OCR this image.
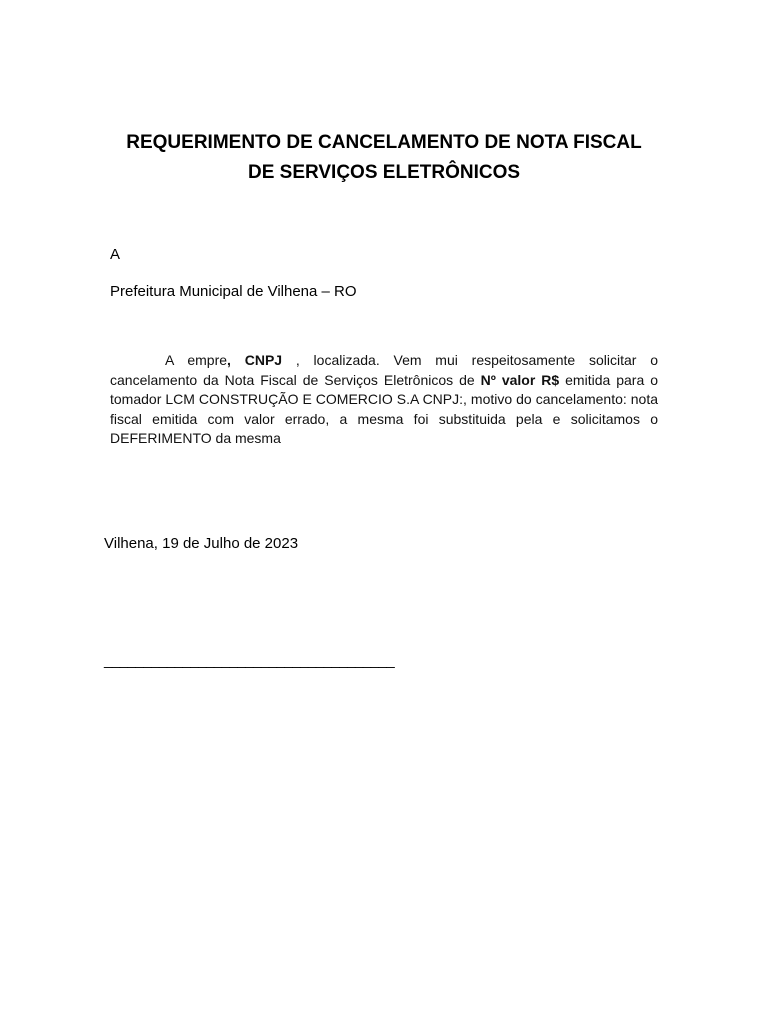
REQUERIMENTO DE CANCELAMENTO DE NOTA FISCAL
DE SERVIÇOS ELETRÔNICOS
A
Prefeitura Municipal de Vilhena – RO
A empre, CNPJ , localizada. Vem mui respeitosamente solicitar o cancelamento da Nota Fiscal de Serviços Eletrônicos de Nº valor R$ emitida para o tomador LCM CONSTRUÇÃO E COMERCIO S.A CNPJ:, motivo do cancelamento: nota fiscal emitida com valor errado, a mesma foi substituida pela e solicitamos o DEFERIMENTO da mesma
Vilhena, 19 de Julho de 2023
_____________________________________
